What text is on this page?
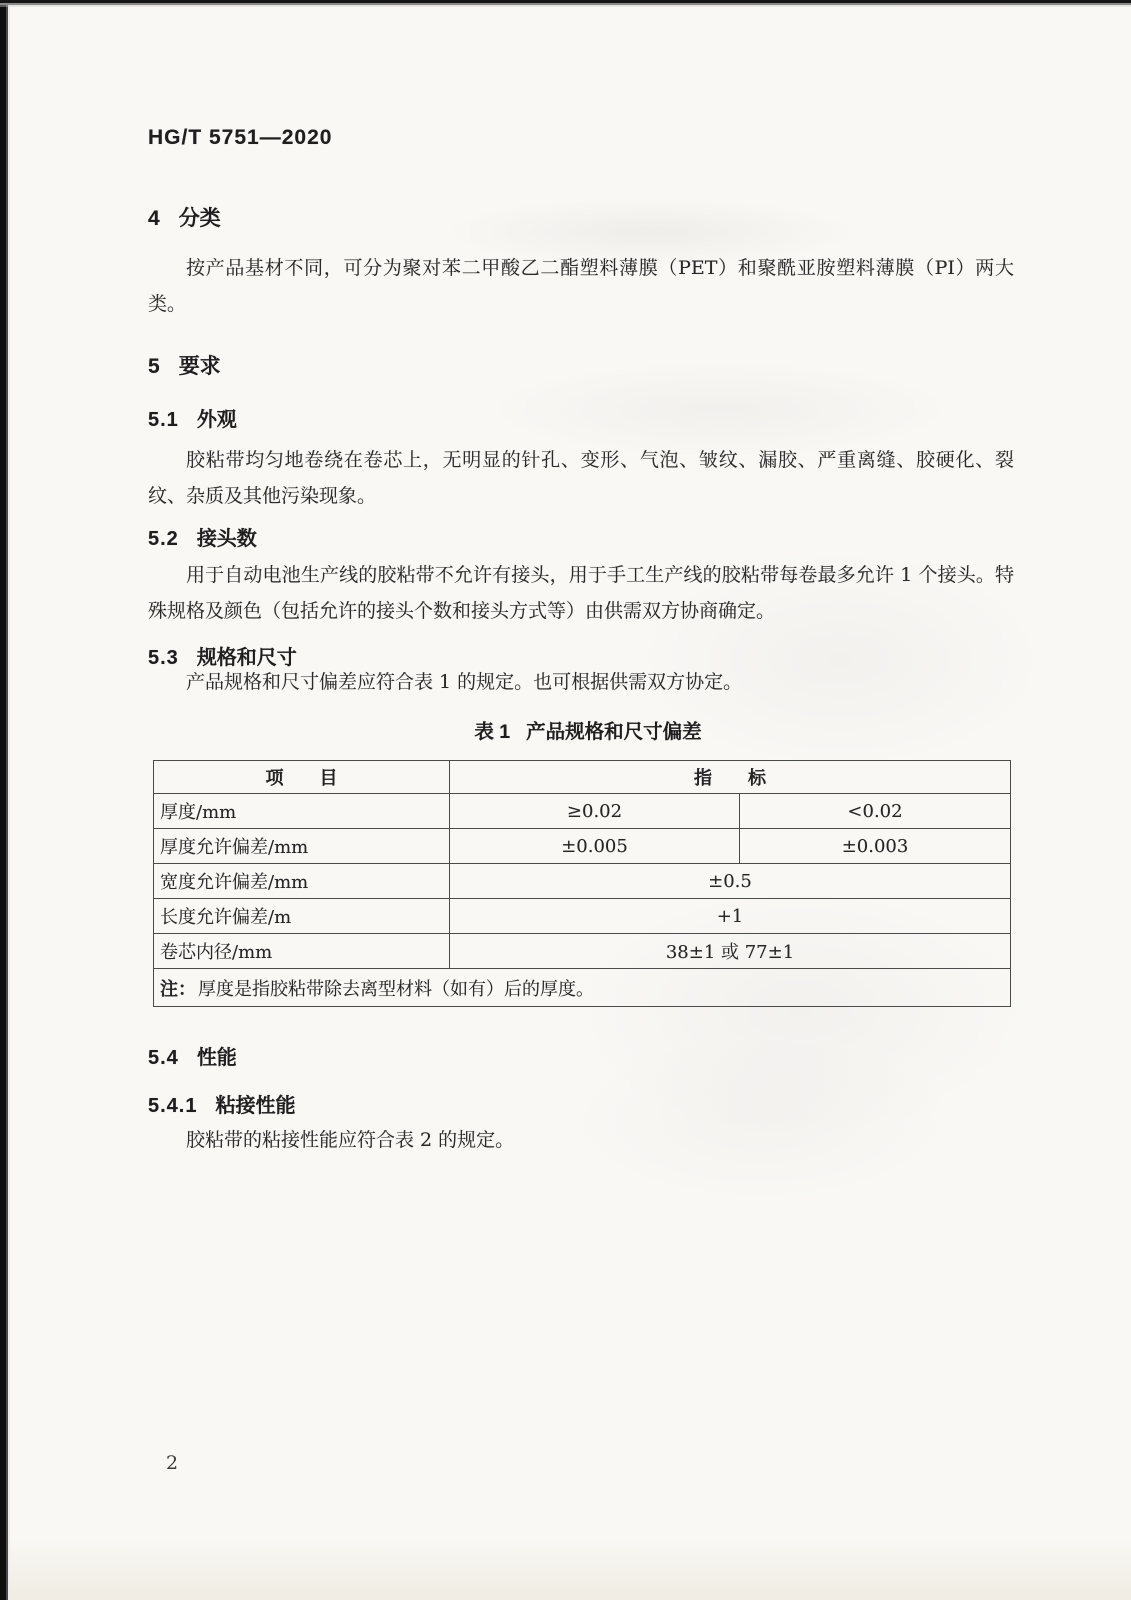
HG/T 5751—2020
4 分类
按产品基材不同，可分为聚对苯二甲酸乙二酯塑料薄膜（PET）和聚酰亚胺塑料薄膜（PI）两大类。
5 要求
5.1 外观
胶粘带均匀地卷绕在卷芯上，无明显的针孔、变形、气泡、皱纹、漏胶、严重离缝、胶硬化、裂纹、杂质及其他污染现象。
5.2 接头数
用于自动电池生产线的胶粘带不允许有接头，用于手工生产线的胶粘带每卷最多允许 1 个接头。特殊规格及颜色（包括允许的接头个数和接头方式等）由供需双方协商确定。
5.3 规格和尺寸
产品规格和尺寸偏差应符合表 1 的规定。也可根据供需双方协定。
表 1 产品规格和尺寸偏差
项　　目	指　　标	
厚度/mm	≥0.02	<0.02
厚度允许偏差/mm	±0.005	±0.003
宽度允许偏差/mm	±0.5	
长度允许偏差/m	+1	
卷芯内径/mm	38±1 或 77±1	
注： 厚度是指胶粘带除去离型材料（如有）后的厚度。		
5.4 性能
5.4.1 粘接性能
胶粘带的粘接性能应符合表 2 的规定。
2
